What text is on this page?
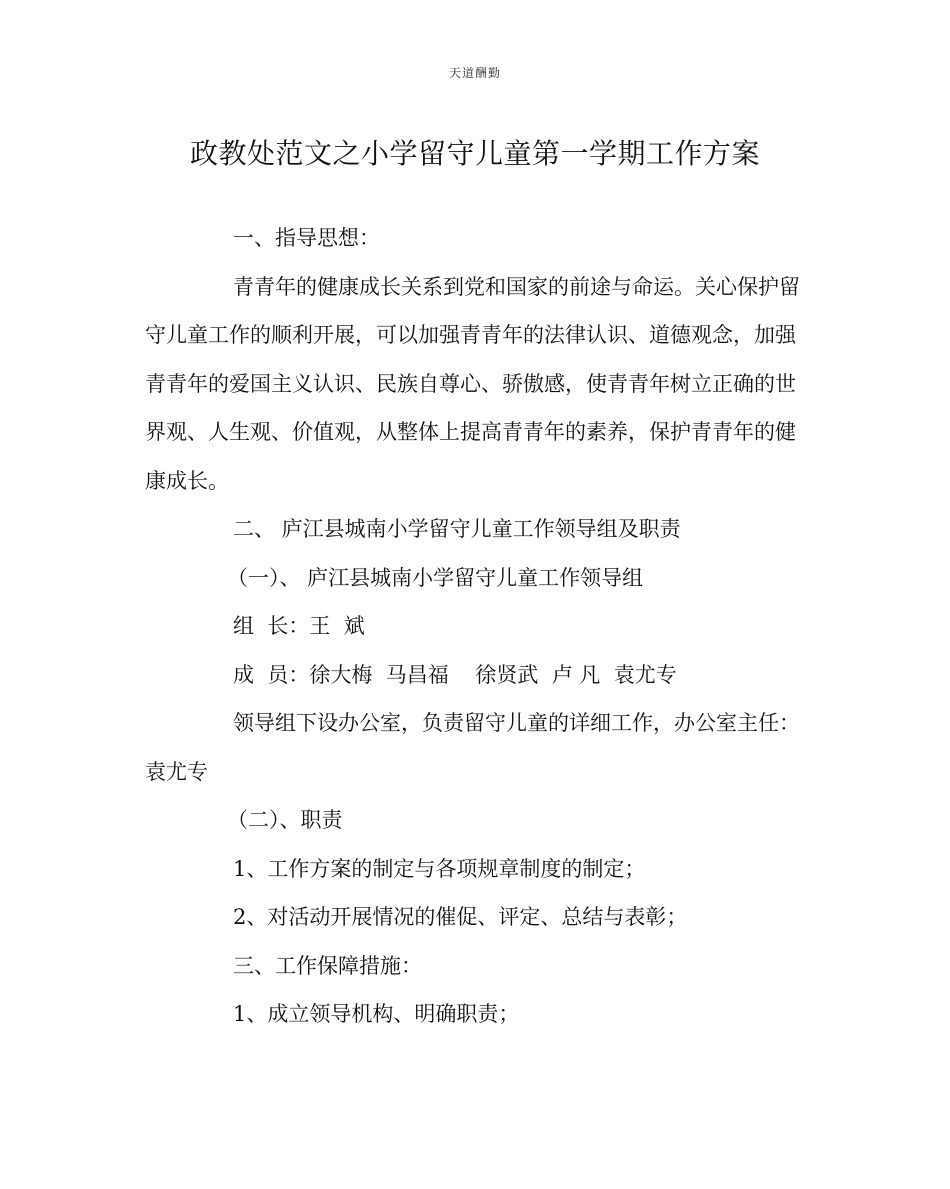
天道酬勤
政教处范文之小学留守儿童第一学期工作方案

一、指导思想：

青青年的健康成长关系到党和国家的前途与命运。关心保护留守儿童工作的顺利开展，可以加强青青年的法律认识、道德观念，加强青青年的爱国主义认识、民族自尊心、骄傲感，使青青年树立正确的世界观、人生观、价值观，从整体上提高青青年的素养，保护青青年的健康成长。

二、 庐江县城南小学留守儿童工作领导组及职责

（一）、 庐江县城南小学留守儿童工作领导组

组  长：王  斌

成  员：徐大梅  马昌福    徐贤武  卢 凡  袁尤专

领导组下设办公室，负责留守儿童的详细工作，办公室主任：袁尤专

（二）、职责

1、工作方案的制定与各项规章制度的制定；

2、对活动开展情况的催促、评定、总结与表彰；

三、工作保障措施：

1、成立领导机构、明确职责；
